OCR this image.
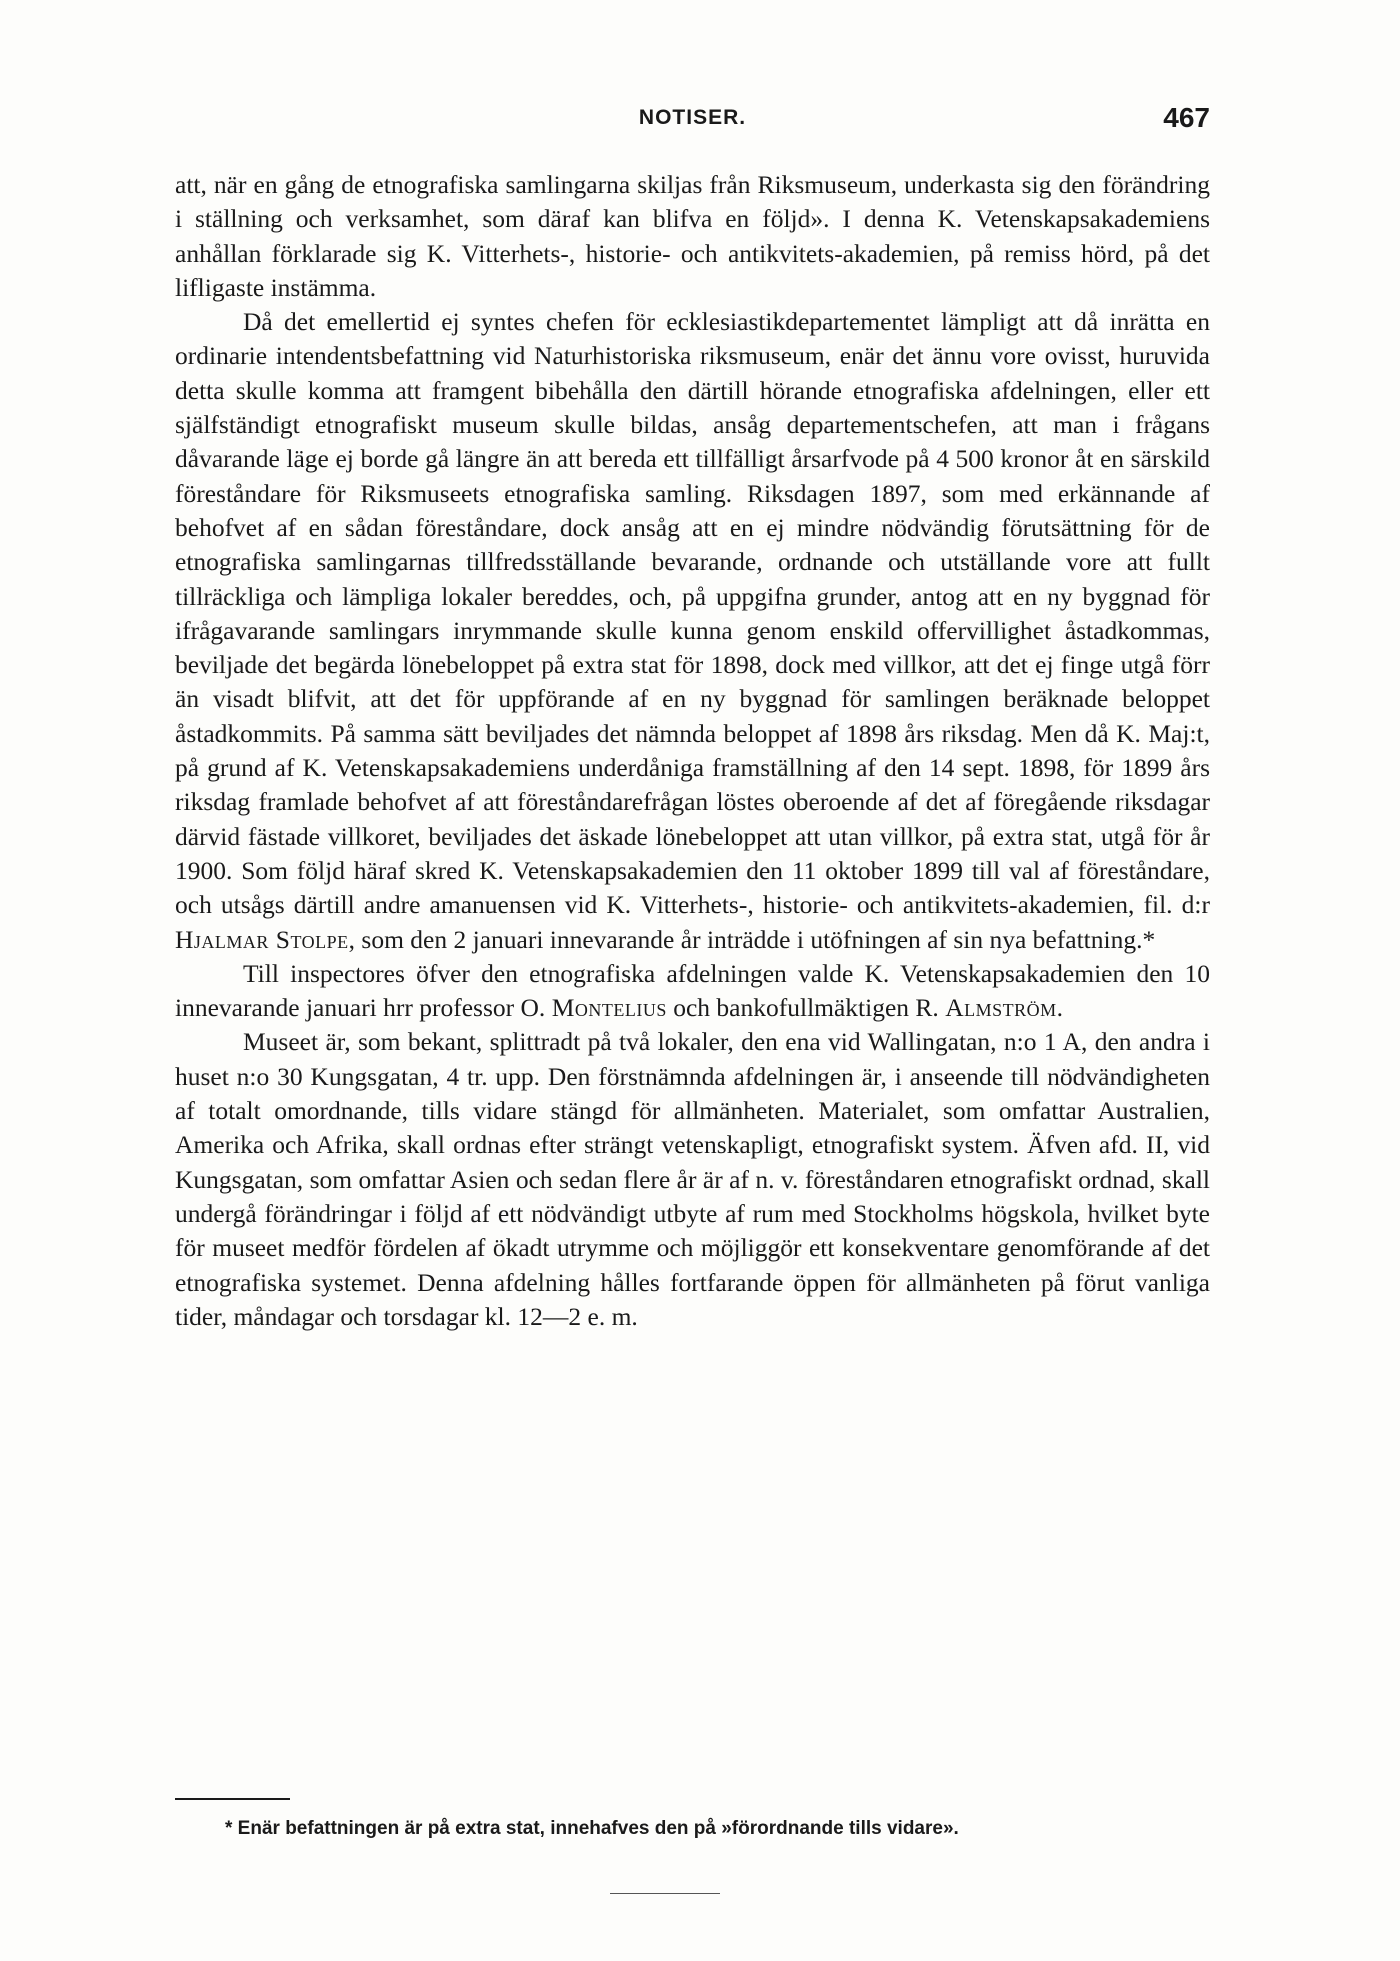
NOTISER.	467

att, när en gång de etnografiska samlingarna skiljas från Riksmuseum, underkasta sig den förändring i ställning och verksamhet, som däraf kan blifva en följd». I denna K. Vetenskapsakademiens anhållan förklarade sig K. Vitterhets-, historie- och antikvitets-akademien, på remiss hörd, på det lifligaste instämma.

Då det emellertid ej syntes chefen för ecklesiastikdepartementet lämpligt att då inrätta en ordinarie intendentsbefattning vid Naturhistoriska riksmuseum, enär det ännu vore ovisst, huruvida detta skulle komma att framgent bibehålla den därtill hörande etnografiska afdelningen, eller ett själfständigt etnografiskt museum skulle bildas, ansåg departementschefen, att man i frågans dåvarande läge ej borde gå längre än att bereda ett tillfälligt årsarfvode på 4 500 kronor åt en särskild föreståndare för Riksmuseets etnografiska samling. Riksdagen 1897, som med erkännande af behofvet af en sådan föreståndare, dock ansåg att en ej mindre nödvändig förutsättning för de etnografiska samlingarnas tillfredsställande bevarande, ordnande och utställande vore att fullt tillräckliga och lämpliga lokaler bereddes, och, på uppgifna grunder, antog att en ny byggnad för ifrågavarande samlingars inrymmande skulle kunna genom enskild offervillighet åstadkommas, beviljade det begärda lönebeloppet på extra stat för 1898, dock med villkor, att det ej finge utgå förr än visadt blifvit, att det för uppförande af en ny byggnad för samlingen beräknade beloppet åstadkommits. På samma sätt beviljades det nämnda beloppet af 1898 års riksdag. Men då K. Maj:t, på grund af K. Vetenskapsakademiens underdåniga framställning af den 14 sept. 1898, för 1899 års riksdag framlade behofvet af att föreståndarefrågan löstes oberoende af det af föregående riksdagar därvid fästade villkoret, beviljades det äskade lönebeloppet att utan villkor, på extra stat, utgå för år 1900. Som följd häraf skred K. Vetenskapsakademien den 11 oktober 1899 till val af föreståndare, och utsågs därtill andre amanuensen vid K. Vitterhets-, historie- och antikvitets-akademien, fil. d:r Hjalmar Stolpe, som den 2 januari innevarande år inträdde i utöfningen af sin nya befattning.*

Till inspectores öfver den etnografiska afdelningen valde K. Vetenskapsakademien den 10 innevarande januari hrr professor O. Montelius och bankofullmäktigen R. Almström.

Museet är, som bekant, splittradt på två lokaler, den ena vid Wallingatan, n:o 1 A, den andra i huset n:o 30 Kungsgatan, 4 tr. upp. Den förstnämnda afdelningen är, i anseende till nödvändigheten af totalt omordnande, tills vidare stängd för allmänheten. Materialet, som omfattar Australien, Amerika och Afrika, skall ordnas efter strängt vetenskapligt, etnografiskt system. Äfven afd. II, vid Kungsgatan, som omfattar Asien och sedan flere år är af n. v. föreståndaren etnografiskt ordnad, skall undergå förändringar i följd af ett nödvändigt utbyte af rum med Stockholms högskola, hvilket byte för museet medför fördelen af ökadt utrymme och möjliggör ett konsekventare genomförande af det etnografiska systemet. Denna afdelning hålles fortfarande öppen för allmänheten på förut vanliga tider, måndagar och torsdagar kl. 12—2 e. m.

* Enär befattningen är på extra stat, innehafves den på »förordnande tills vidare».
